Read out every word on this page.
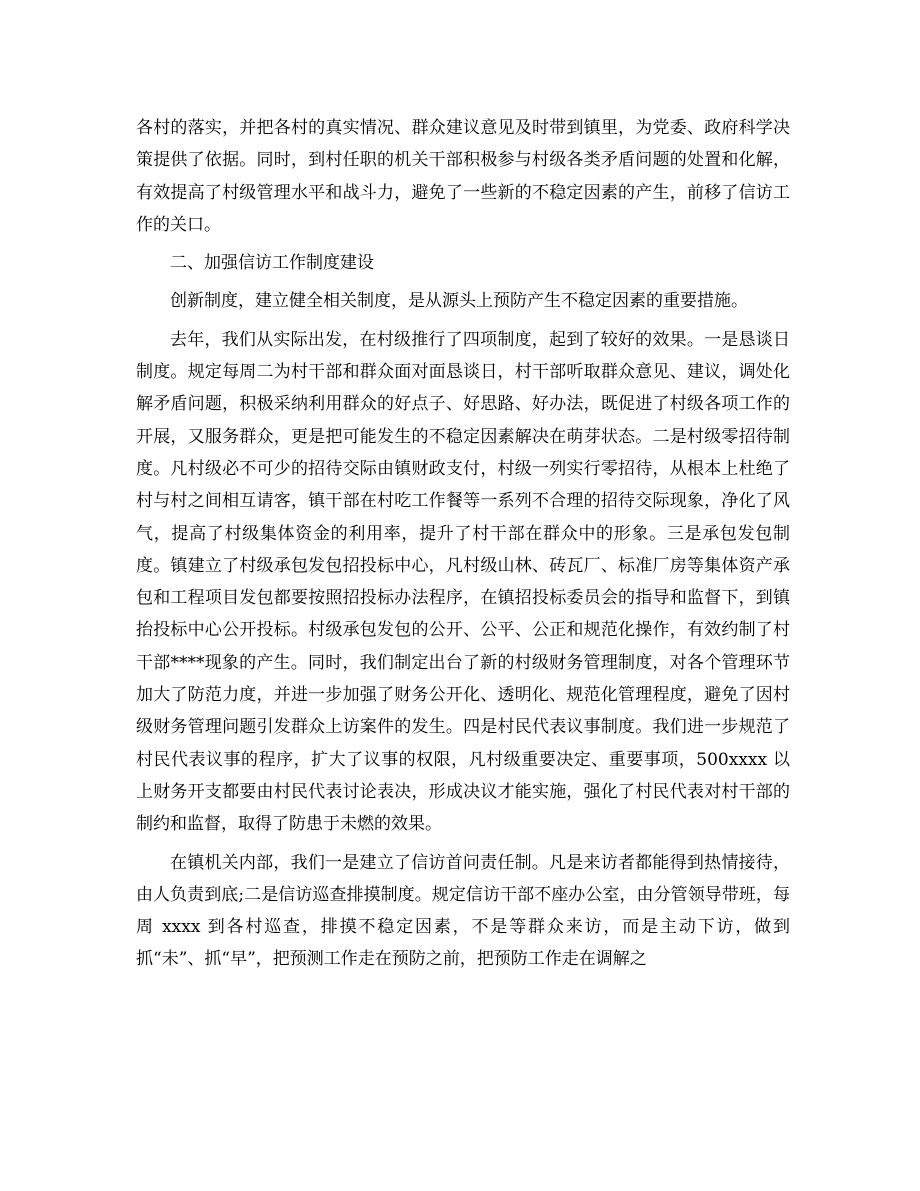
各村的落实，并把各村的真实情况、群众建议意见及时带到镇里，为党委、政府科学决策提供了依据。同时，到村任职的机关干部积极参与村级各类矛盾问题的处置和化解，有效提高了村级管理水平和战斗力，避免了一些新的不稳定因素的产生，前移了信访工作的关口。

二、加强信访工作制度建设

创新制度，建立健全相关制度，是从源头上预防产生不稳定因素的重要措施。

去年，我们从实际出发，在村级推行了四项制度，起到了较好的效果。一是恳谈日制度。规定每周二为村干部和群众面对面恳谈日，村干部听取群众意见、建议，调处化解矛盾问题，积极采纳利用群众的好点子、好思路、好办法，既促进了村级各项工作的开展，又服务群众，更是把可能发生的不稳定因素解决在萌芽状态。二是村级零招待制度。凡村级必不可少的招待交际由镇财政支付，村级一列实行零招待，从根本上杜绝了村与村之间相互请客，镇干部在村吃工作餐等一系列不合理的招待交际现象，净化了风气，提高了村级集体资金的利用率，提升了村干部在群众中的形象。三是承包发包制度。镇建立了村级承包发包招投标中心，凡村级山林、砖瓦厂、标准厂房等集体资产承包和工程项目发包都要按照招投标办法程序，在镇招投标委员会的指导和监督下，到镇抬投标中心公开投标。村级承包发包的公开、公平、公正和规范化操作，有效约制了村干部****现象的产生。同时，我们制定出台了新的村级财务管理制度，对各个管理环节加大了防范力度，并进一步加强了财务公开化、透明化、规范化管理程度，避免了因村级财务管理问题引发群众上访案件的发生。四是村民代表议事制度。我们进一步规范了村民代表议事的程序，扩大了议事的权限，凡村级重要决定、重要事项，500xxxx 以上财务开支都要由村民代表讨论表决，形成决议才能实施，强化了村民代表对村干部的制约和监督，取得了防患于未燃的效果。

在镇机关内部，我们一是建立了信访首问责任制。凡是来访者都能得到热情接待，由人负责到底;二是信访巡查排摸制度。规定信访干部不座办公室，由分管领导带班，每周 xxxx 到各村巡查，排摸不稳定因素，不是等群众来访，而是主动下访，做到抓“未”、抓“早”，把预测工作走在预防之前，把预防工作走在调解之
